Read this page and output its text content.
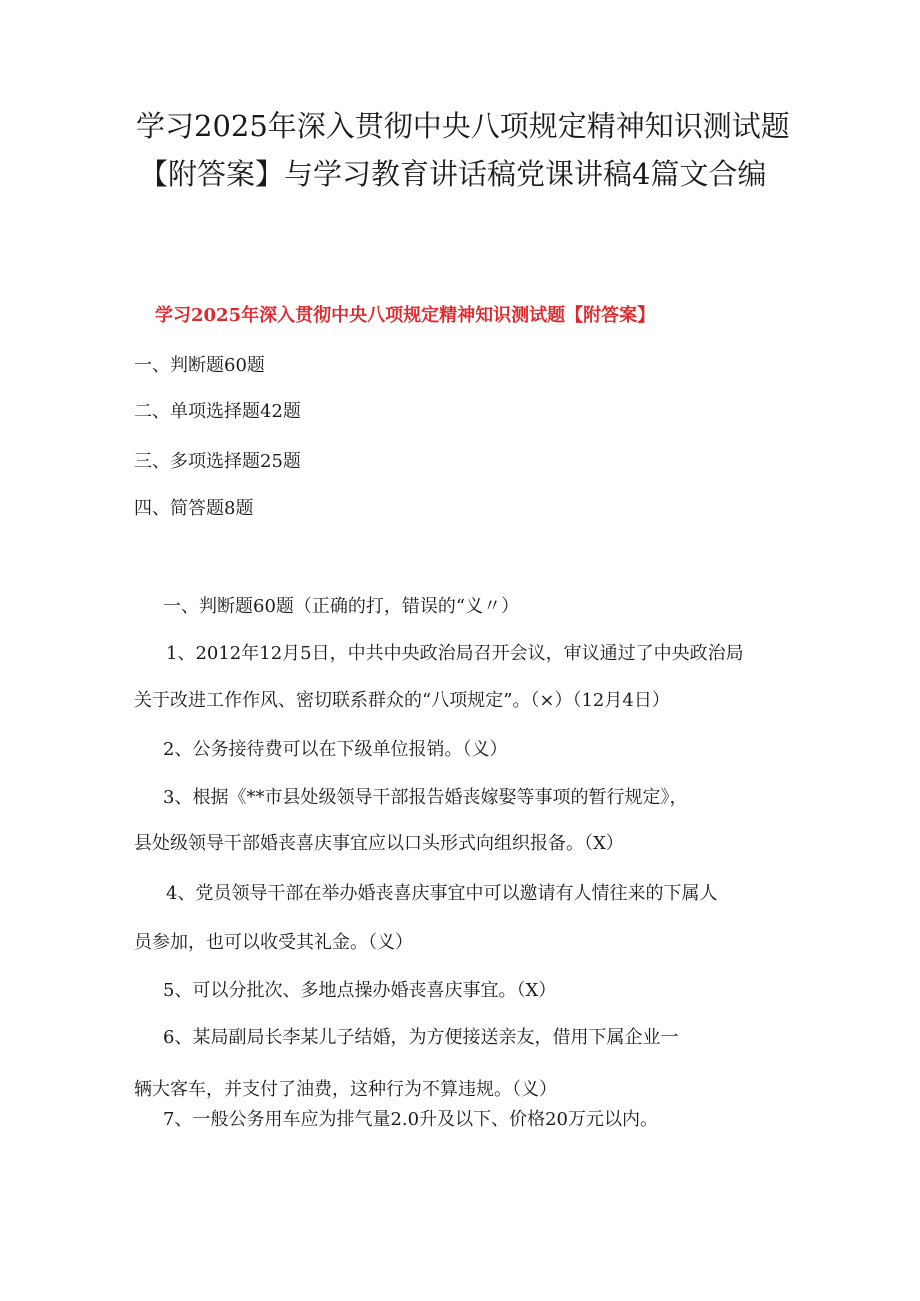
学习2025年深入贯彻中央八项规定精神知识测试题
【附答案】与学习教育讲话稿党课讲稿4篇文合编
学习2025年深入贯彻中央八项规定精神知识测试题【附答案】
一、判断题60题
二、单项选择题42题
三、多项选择题25题
四、简答题8题
一、判断题60题（正确的打，错误的“义〃）
1、2012年12月5日，中共中央政治局召开会议，审议通过了中央政治局
关于改进工作作风、密切联系群众的“八项规定”。（×）（12月4日）
2、公务接待费可以在下级单位报销。（义）
3、根据《**市县处级领导干部报告婚丧嫁娶等事项的暂行规定》，
县处级领导干部婚丧喜庆事宜应以口头形式向组织报备。（X）
4、党员领导干部在举办婚丧喜庆事宜中可以邀请有人情往来的下属人
员参加，也可以收受其礼金。（义）
5、可以分批次、多地点操办婚丧喜庆事宜。（X）
6、某局副局长李某儿子结婚，为方便接送亲友，借用下属企业一
辆大客车，并支付了油费，这种行为不算违规。（义）
7、一般公务用车应为排气量2.0升及以下、价格20万元以内。
